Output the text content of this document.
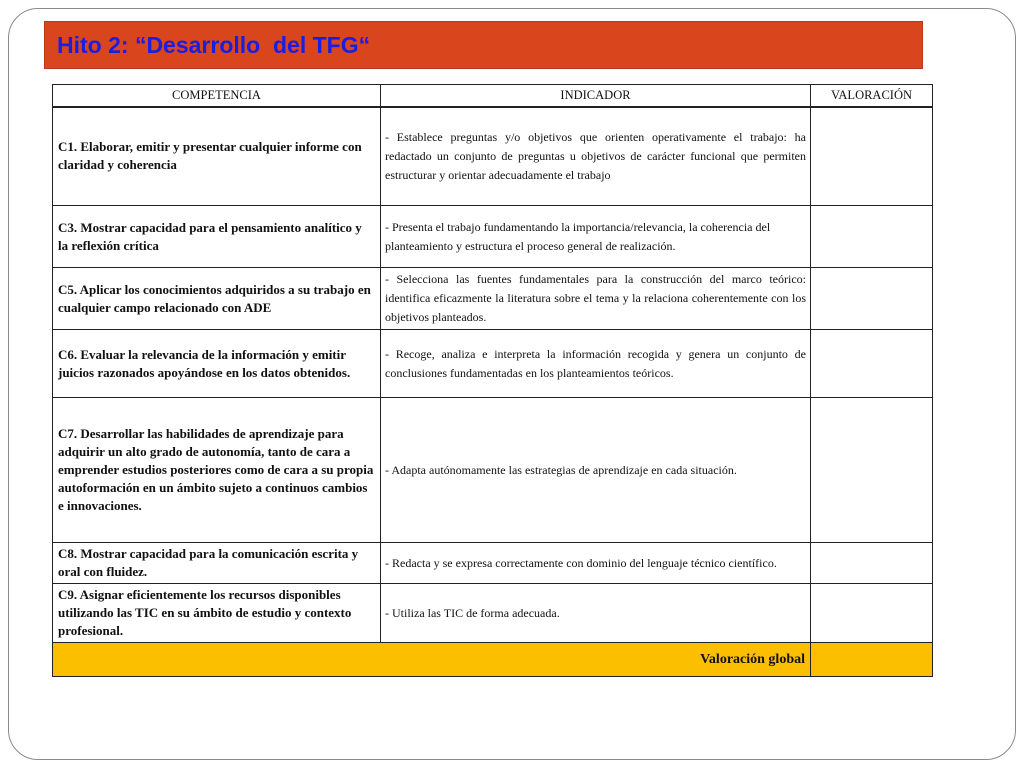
Hito 2: “Desarrollo  del TFG“
COMPETENCIA	INDICADOR	VALORACIÓN
C1. Elaborar, emitir y presentar cualquier informe con claridad y coherencia	- Establece preguntas y/o objetivos que orienten operativamente el trabajo: ha redactado un conjunto de preguntas u objetivos de carácter funcional que permiten estructurar y orientar adecuadamente el trabajo	
C3. Mostrar capacidad para el pensamiento analítico y la reflexión crítica	- Presenta el trabajo fundamentando la importancia/relevancia, la coherencia del planteamiento y estructura el proceso general de realización.	
C5. Aplicar los conocimientos adquiridos a su trabajo en cualquier campo relacionado con ADE	- Selecciona las fuentes fundamentales para la construcción del marco teórico: identifica eficazmente la literatura sobre el tema y la relaciona coherentemente con los objetivos planteados.	
C6. Evaluar la relevancia de la información y emitir juicios razonados apoyándose en los datos obtenidos.	- Recoge, analiza e interpreta la información recogida y genera un conjunto de conclusiones fundamentadas en los planteamientos teóricos.	
C7. Desarrollar las habilidades de aprendizaje para adquirir un alto grado de autonomía, tanto de cara a emprender estudios posteriores como de cara a su propia autoformación en un ámbito sujeto a continuos cambios e innovaciones.	- Adapta autónomamente las estrategias de aprendizaje en cada situación.	
C8. Mostrar capacidad para la comunicación escrita y oral con fluidez.	- Redacta y se expresa correctamente con dominio del lenguaje técnico científico.	
C9. Asignar eficientemente los recursos disponibles utilizando las TIC en su ámbito de estudio y contexto profesional.	- Utiliza las TIC de forma adecuada.	
Valoración global		
